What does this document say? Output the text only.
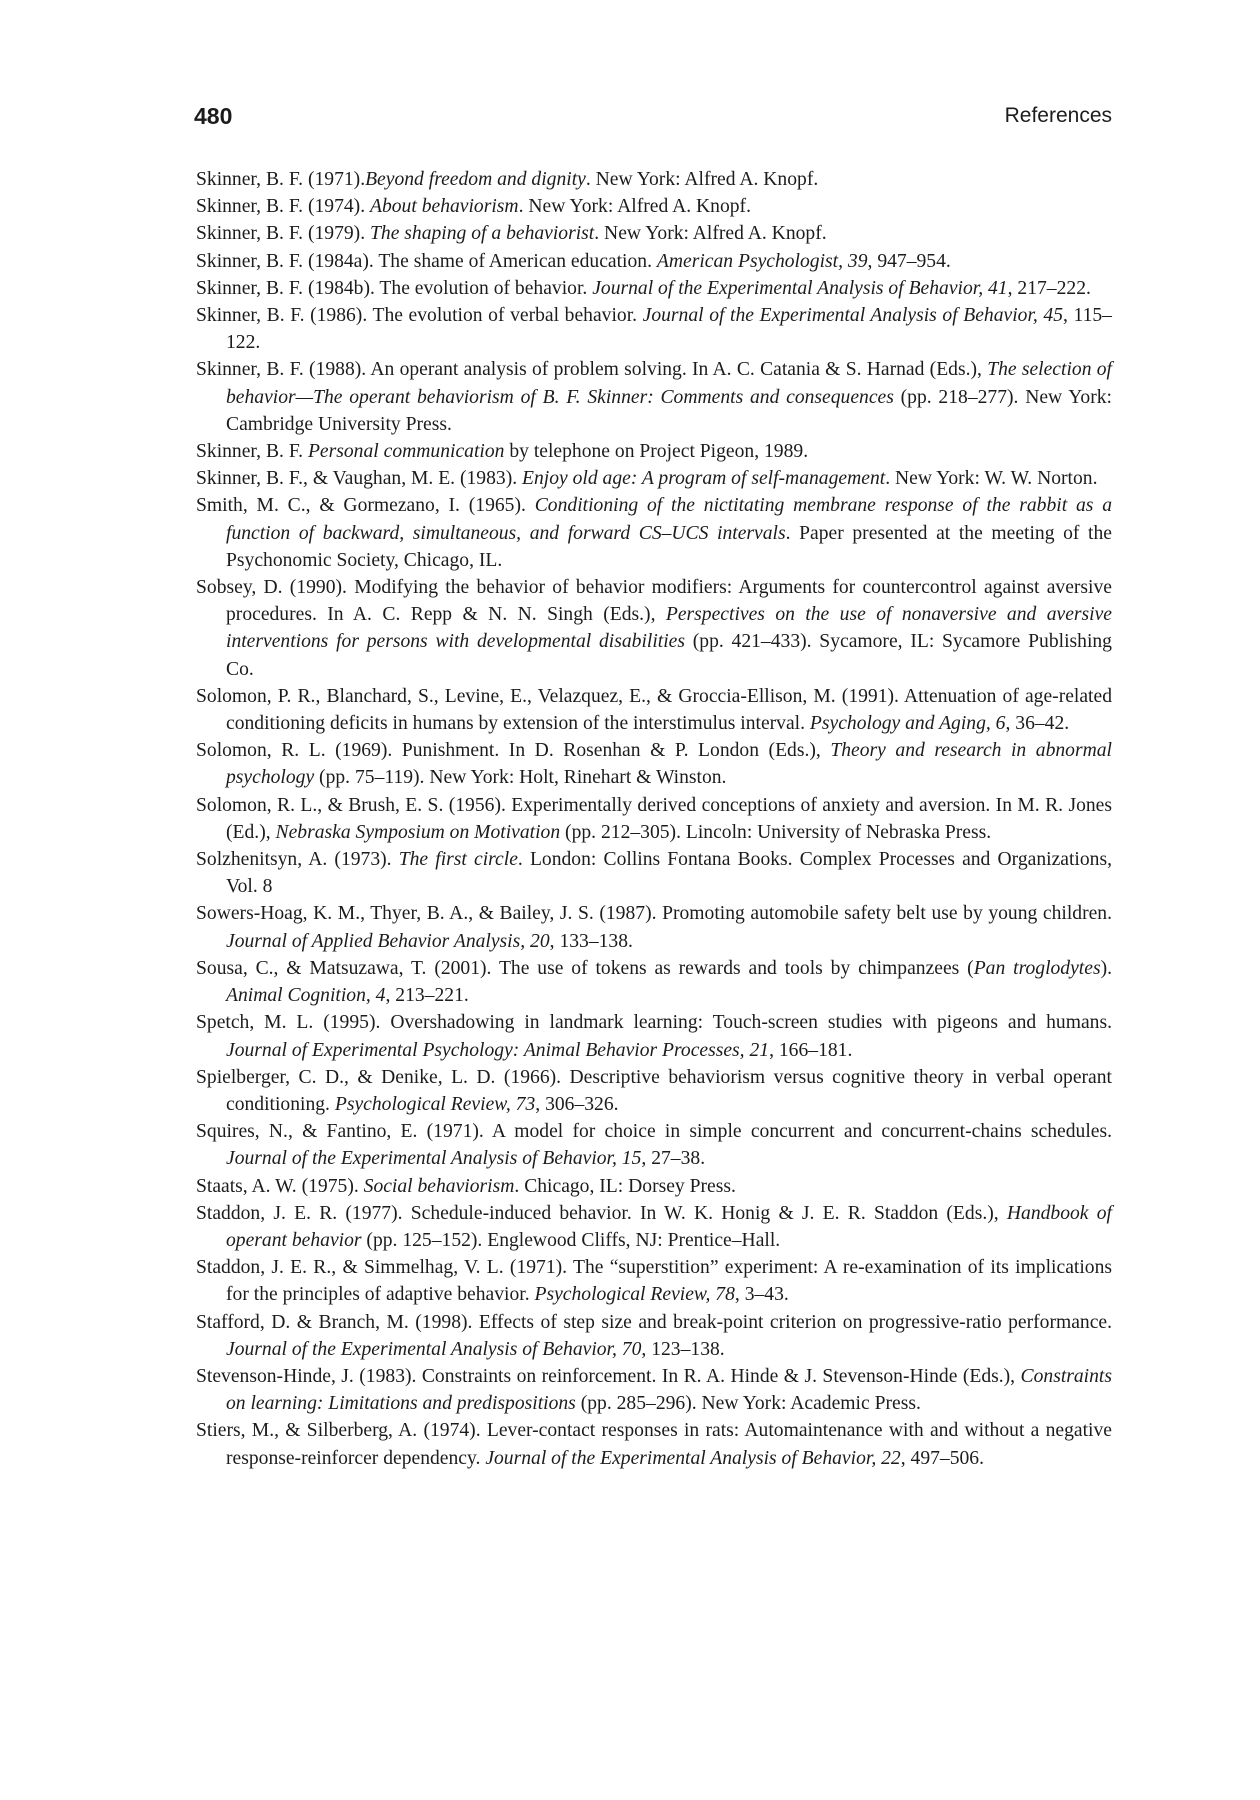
480	References
Skinner, B. F. (1971).Beyond freedom and dignity. New York: Alfred A. Knopf.
Skinner, B. F. (1974). About behaviorism. New York: Alfred A. Knopf.
Skinner, B. F. (1979). The shaping of a behaviorist. New York: Alfred A. Knopf.
Skinner, B. F. (1984a). The shame of American education. American Psychologist, 39, 947–954.
Skinner, B. F. (1984b). The evolution of behavior. Journal of the Experimental Analysis of Behavior, 41, 217–222.
Skinner, B. F. (1986). The evolution of verbal behavior. Journal of the Experimental Analysis of Behavior, 45, 115–122.
Skinner, B. F. (1988). An operant analysis of problem solving. In A. C. Catania & S. Harnad (Eds.), The selection of behavior—The operant behaviorism of B. F. Skinner: Comments and consequences (pp. 218–277). New York: Cambridge University Press.
Skinner, B. F. Personal communication by telephone on Project Pigeon, 1989.
Skinner, B. F., & Vaughan, M. E. (1983). Enjoy old age: A program of self-management. New York: W. W. Norton.
Smith, M. C., & Gormezano, I. (1965). Conditioning of the nictitating membrane response of the rabbit as a function of backward, simultaneous, and forward CS–UCS intervals. Paper presented at the meeting of the Psychonomic Society, Chicago, IL.
Sobsey, D. (1990). Modifying the behavior of behavior modifiers: Arguments for countercontrol against aversive procedures. In A. C. Repp & N. N. Singh (Eds.), Perspectives on the use of nonaversive and aversive interventions for persons with developmental disabilities (pp. 421–433). Sycamore, IL: Sycamore Publishing Co.
Solomon, P. R., Blanchard, S., Levine, E., Velazquez, E., & Groccia-Ellison, M. (1991). Attenuation of age-related conditioning deficits in humans by extension of the interstimulus interval. Psychology and Aging, 6, 36–42.
Solomon, R. L. (1969). Punishment. In D. Rosenhan & P. London (Eds.), Theory and research in abnormal psychology (pp. 75–119). New York: Holt, Rinehart & Winston.
Solomon, R. L., & Brush, E. S. (1956). Experimentally derived conceptions of anxiety and aversion. In M. R. Jones (Ed.), Nebraska Symposium on Motivation (pp. 212–305). Lincoln: University of Nebraska Press.
Solzhenitsyn, A. (1973). The first circle. London: Collins Fontana Books. Complex Processes and Organizations, Vol. 8
Sowers-Hoag, K. M., Thyer, B. A., & Bailey, J. S. (1987). Promoting automobile safety belt use by young children. Journal of Applied Behavior Analysis, 20, 133–138.
Sousa, C., & Matsuzawa, T. (2001). The use of tokens as rewards and tools by chimpanzees (Pan troglodytes). Animal Cognition, 4, 213–221.
Spetch, M. L. (1995). Overshadowing in landmark learning: Touch-screen studies with pigeons and humans. Journal of Experimental Psychology: Animal Behavior Processes, 21, 166–181.
Spielberger, C. D., & Denike, L. D. (1966). Descriptive behaviorism versus cognitive theory in verbal operant conditioning. Psychological Review, 73, 306–326.
Squires, N., & Fantino, E. (1971). A model for choice in simple concurrent and concurrent-chains schedules. Journal of the Experimental Analysis of Behavior, 15, 27–38.
Staats, A. W. (1975). Social behaviorism. Chicago, IL: Dorsey Press.
Staddon, J. E. R. (1977). Schedule-induced behavior. In W. K. Honig & J. E. R. Staddon (Eds.), Handbook of operant behavior (pp. 125–152). Englewood Cliffs, NJ: Prentice–Hall.
Staddon, J. E. R., & Simmelhag, V. L. (1971). The “superstition” experiment: A re-examination of its implications for the principles of adaptive behavior. Psychological Review, 78, 3–43.
Stafford, D. & Branch, M. (1998). Effects of step size and break-point criterion on progressive-ratio performance. Journal of the Experimental Analysis of Behavior, 70, 123–138.
Stevenson-Hinde, J. (1983). Constraints on reinforcement. In R. A. Hinde & J. Stevenson-Hinde (Eds.), Constraints on learning: Limitations and predispositions (pp. 285–296). New York: Academic Press.
Stiers, M., & Silberberg, A. (1974). Lever-contact responses in rats: Automaintenance with and without a negative response-reinforcer dependency. Journal of the Experimental Analysis of Behavior, 22, 497–506.
